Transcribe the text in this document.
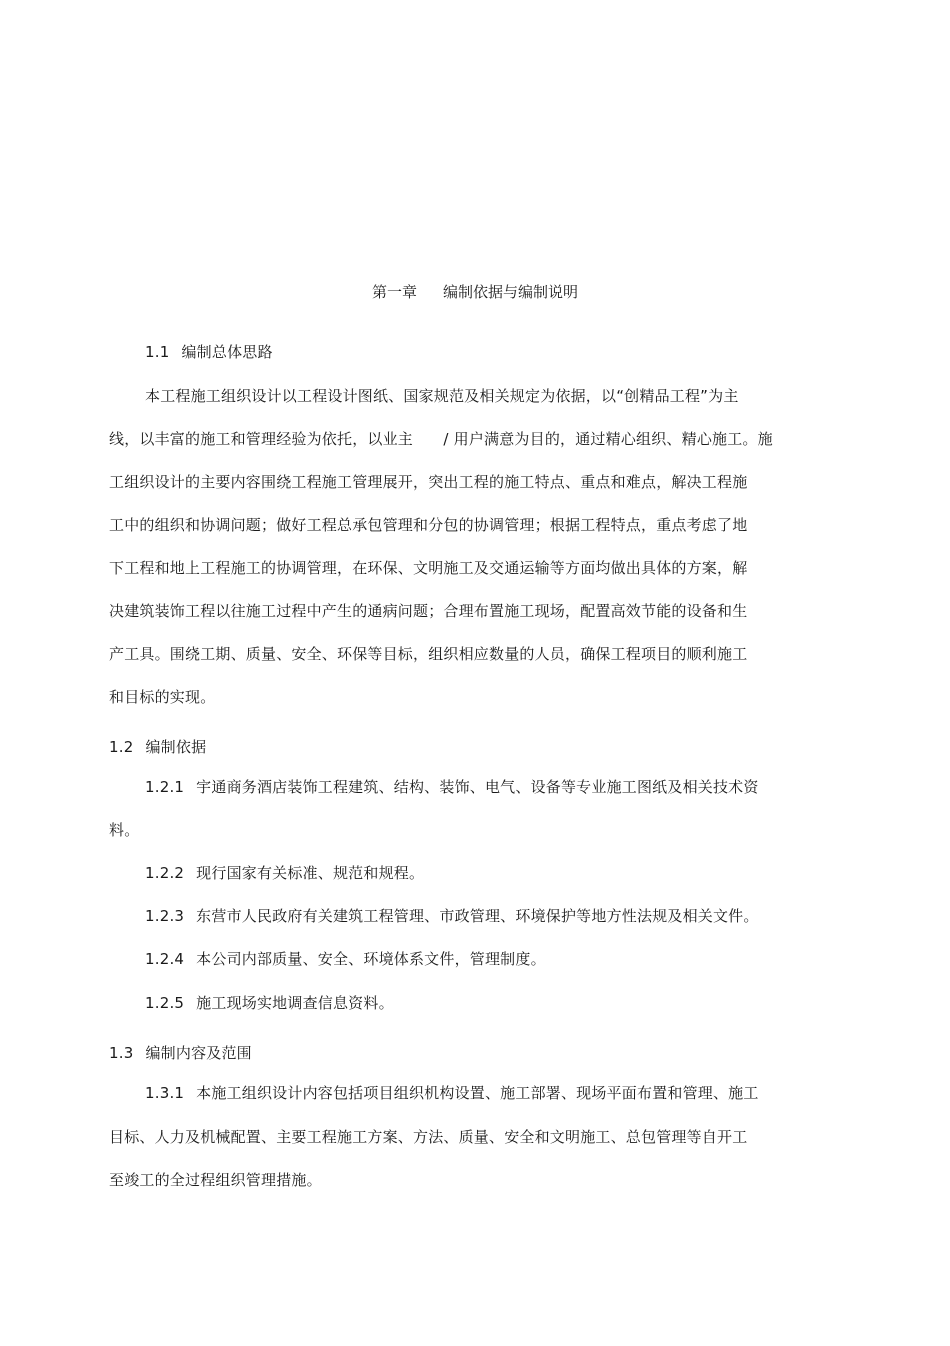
第一章 编制依据与编制说明
1.1 编制总体思路
本工程施工组织设计以工程设计图纸、国家规范及相关规定为依据，以“创精品工程”为主
线，以丰富的施工和管理经验为依托，以业主　　/ 用户满意为目的，通过精心组织、精心施工。施
工组织设计的主要内容围绕工程施工管理展开，突出工程的施工特点、重点和难点，解决工程施
工中的组织和协调问题；做好工程总承包管理和分包的协调管理；根据工程特点，重点考虑了地
下工程和地上工程施工的协调管理，在环保、文明施工及交通运输等方面均做出具体的方案，解
决建筑装饰工程以往施工过程中产生的通病问题；合理布置施工现场，配置高效节能的设备和生
产工具。围绕工期、质量、安全、环保等目标，组织相应数量的人员，确保工程项目的顺利施工
和目标的实现。
1.2 编制依据
1.2.1 宇通商务酒店装饰工程建筑、结构、装饰、电气、设备等专业施工图纸及相关技术资
料。
1.2.2 现行国家有关标准、规范和规程。
1.2.3 东营市人民政府有关建筑工程管理、市政管理、环境保护等地方性法规及相关文件。
1.2.4 本公司内部质量、安全、环境体系文件，管理制度。
1.2.5 施工现场实地调查信息资料。
1.3 编制内容及范围
1.3.1 本施工组织设计内容包括项目组织机构设置、施工部署、现场平面布置和管理、施工
目标、人力及机械配置、主要工程施工方案、方法、质量、安全和文明施工、总包管理等自开工
至竣工的全过程组织管理措施。
